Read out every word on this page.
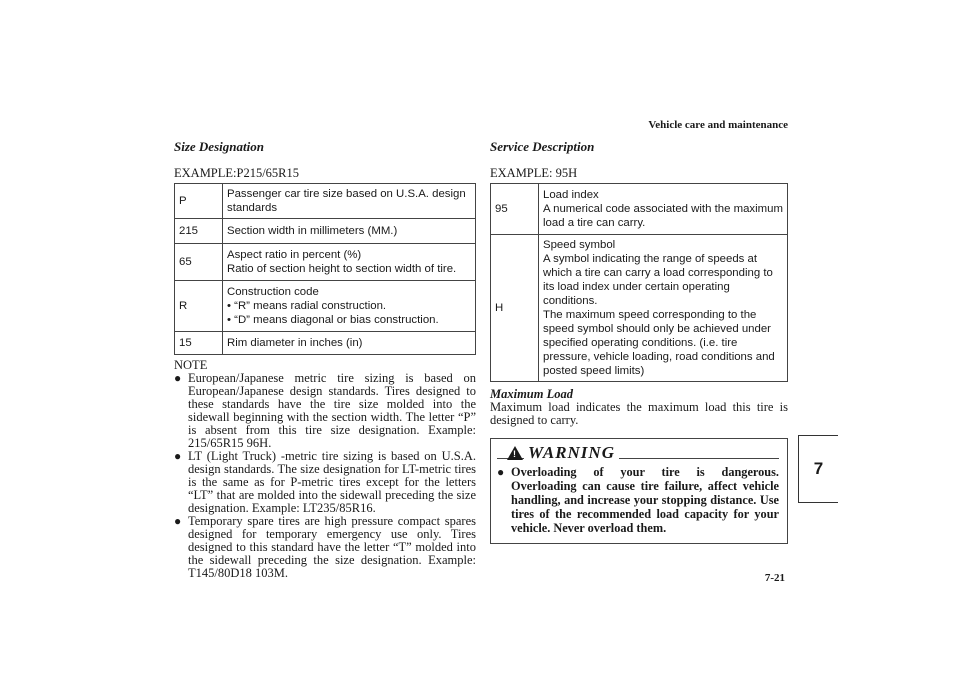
Vehicle care and maintenance
Size Designation
EXAMPLE:P215/65R15
P	Passenger car tire size based on U.S.A. design standards

215	Section width in millimeters (MM.)

65	Aspect ratio in percent (%)
Ratio of section height to section width of tire.

R	Construction code
• “R” means radial construction.
• “D” means diagonal or bias construction.

15	Rim diameter in inches (in)
NOTE
● European/Japanese metric tire sizing is based on European/Japanese design standards. Tires designed to these standards have the tire size molded into the sidewall beginning with the section width. The letter “P” is absent from this tire size designation. Example: 215/65R15 96H.
● LT (Light Truck) -metric tire sizing is based on U.S.A. design standards. The size designation for LT-metric tires is the same as for P-metric tires except for the letters “LT” that are molded into the sidewall preceding the size designation. Example: LT235/85R16.
● Temporary spare tires are high pressure compact spares designed for temporary emergency use only. Tires designed to this standard have the letter “T” molded into the sidewall preceding the size designation. Example: T145/80D18 103M.
Service Description
EXAMPLE: 95H
95	Load index
A numerical code associated with the maximum load a tire can carry.

H	Speed symbol
A symbol indicating the range of speeds at which a tire can carry a load corresponding to its load index under certain operating conditions.
The maximum speed corresponding to the speed symbol should only be achieved under specified operating conditions. (i.e. tire pressure, vehicle loading, road conditions and posted speed limits)
Maximum Load

Maximum load indicates the maximum load this tire is designed to carry.

! WARNING

● Overloading of your tire is dangerous. Overloading can cause tire failure, affect vehicle handling, and increase your stopping distance. Use tires of the recommended load capacity for your vehicle. Never overload them.

7
7-21
